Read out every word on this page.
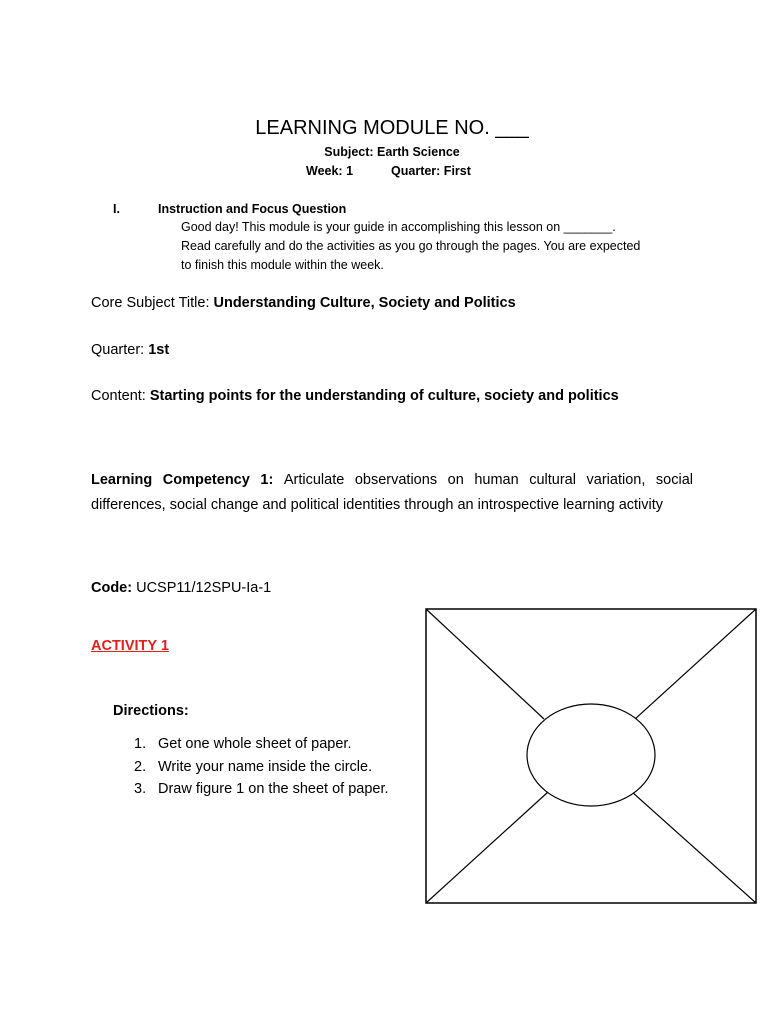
LEARNING MODULE NO. ___
Subject: Earth Science
Week: 1	Quarter: First
I.	Instruction and Focus Question
Good day! This module is your guide in accomplishing this lesson on _______.
Read carefully and do the activities as you go through the pages. You are expected
to finish this module within the week.
Core Subject Title: Understanding Culture, Society and Politics
Quarter: 1st
Content: Starting points for the understanding of culture, society and politics
Learning Competency 1: Articulate observations on human cultural variation, social differences, social change and political identities through an introspective learning activity
Code: UCSP11/12SPU-Ia-1
ACTIVITY 1
Directions:
1. Get one whole sheet of paper.
2. Write your name inside the circle.
3. Draw figure 1 on the sheet of paper.
